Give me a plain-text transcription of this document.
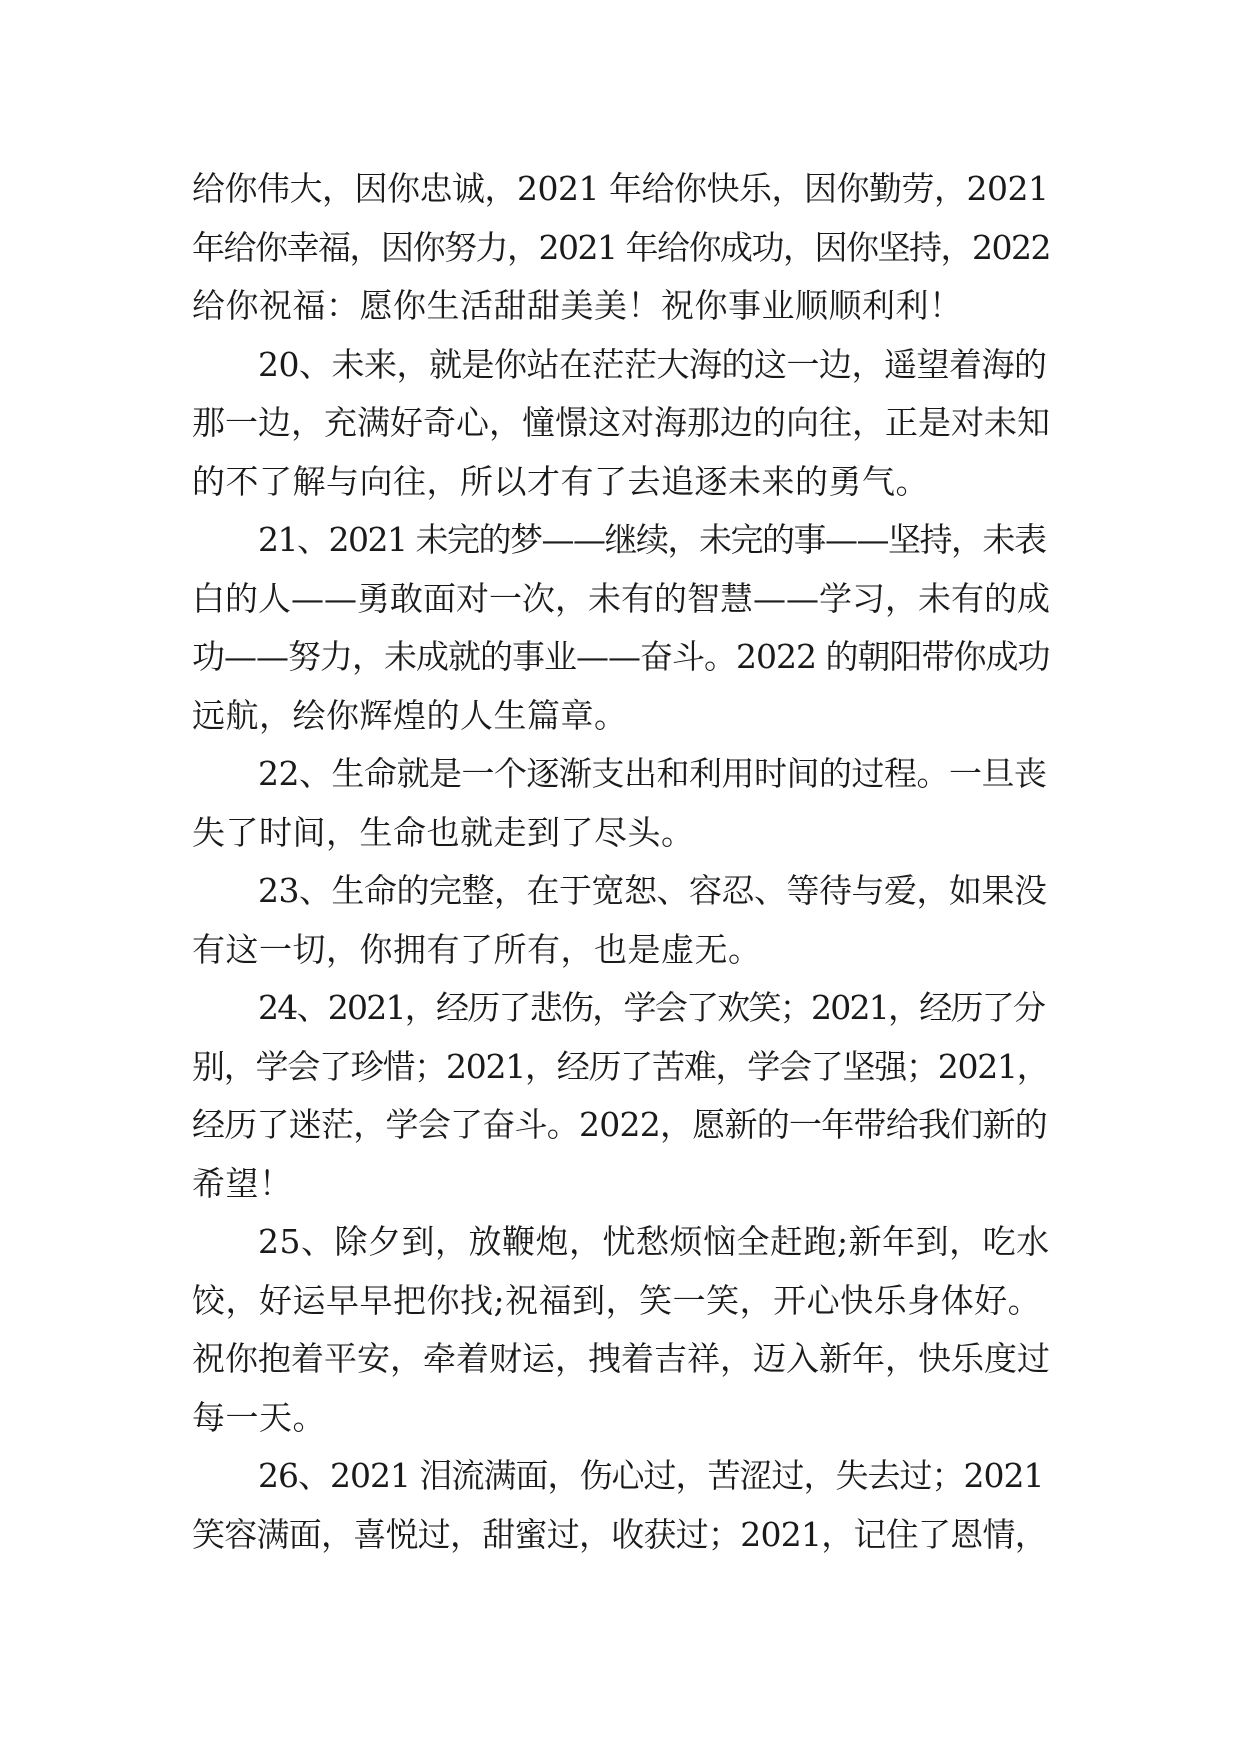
给你伟大，因你忠诚，2021 年给你快乐，因你勤劳，2021
年给你幸福，因你努力，2021 年给你成功，因你坚持，2022
给你祝福：愿你生活甜甜美美！祝你事业顺顺利利！
20、未来，就是你站在茫茫大海的这一边，遥望着海的
那一边，充满好奇心，憧憬这对海那边的向往，正是对未知
的不了解与向往，所以才有了去追逐未来的勇气。
21、2021 未完的梦——继续，未完的事——坚持，未表
白的人——勇敢面对一次，未有的智慧——学习，未有的成
功——努力，未成就的事业——奋斗。2022 的朝阳带你成功
远航，绘你辉煌的人生篇章。
22、生命就是一个逐渐支出和利用时间的过程。一旦丧
失了时间，生命也就走到了尽头。
23、生命的完整，在于宽恕、容忍、等待与爱，如果没
有这一切，你拥有了所有，也是虚无。
24、2021，经历了悲伤，学会了欢笑；2021，经历了分
别，学会了珍惜；2021，经历了苦难，学会了坚强；2021，
经历了迷茫，学会了奋斗。2022，愿新的一年带给我们新的
希望！
25、除夕到，放鞭炮，忧愁烦恼全赶跑;新年到，吃水
饺，好运早早把你找;祝福到，笑一笑，开心快乐身体好。
祝你抱着平安，牵着财运，拽着吉祥，迈入新年，快乐度过
每一天。
26、2021 泪流满面，伤心过，苦涩过，失去过；2021
笑容满面，喜悦过，甜蜜过，收获过；2021，记住了恩情，
